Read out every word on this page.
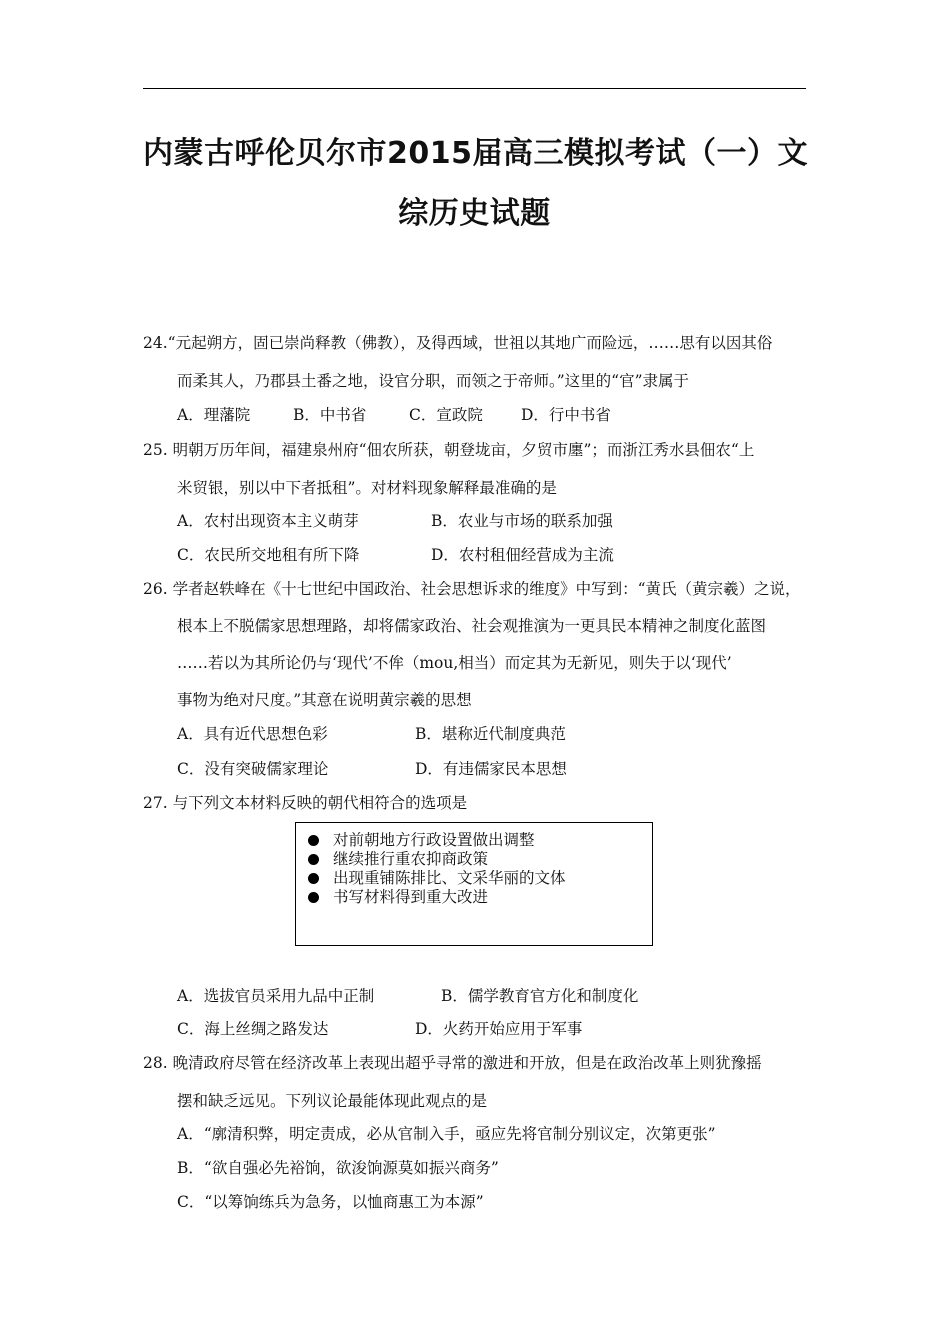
内蒙古呼伦贝尔市2015届高三模拟考试（一）文
综历史试题
24.“元起朔方，固已崇尚释教（佛教），及得西域，世祖以其地广而险远，……思有以因其俗
而柔其人，乃郡县土番之地，设官分职，而领之于帝师。”这里的“官”隶属于
A．理藩院	B．中书省	C．宣政院 D．行中书省
25. 明朝万历年间，福建泉州府“佃农所获，朝登垅亩，夕贸市廛”；而浙江秀水县佃农“上
米贸银，别以中下者抵租”。对材料现象解释最准确的是
A．农村出现资本主义萌芽	B．农业与市场的联系加强
C．农民所交地租有所下降	D．农村租佃经营成为主流
26. 学者赵轶峰在《十七世纪中国政治、社会思想诉求的维度》中写到：“黄氏（黄宗羲）之说，
根本上不脱儒家思想理路，却将儒家政治、社会观推演为一更具民本精神之制度化蓝图
……若以为其所论仍与‘现代’不侔（mou,相当）而定其为无新见，则失于以‘现代’
事物为绝对尺度。”其意在说明黄宗羲的思想
A．具有近代思想色彩	B．堪称近代制度典范
C．没有突破儒家理论	D．有违儒家民本思想
27. 与下列文本材料反映的朝代相符合的选项是
A．选拔官员采用九品中正制	B．儒学教育官方化和制度化
C．海上丝绸之路发达	D．火药开始应用于军事
对前朝地方行政设置做出调整
继续推行重农抑商政策
出现重铺陈排比、文采华丽的文体
书写材料得到重大改进
28. 晚清政府尽管在经济改革上表现出超乎寻常的激进和开放，但是在政治改革上则犹豫摇
摆和缺乏远见。下列议论最能体现此观点的是
A．“廓清积弊，明定责成，必从官制入手，亟应先将官制分别议定，次第更张”
B．“欲自强必先裕饷，欲浚饷源莫如振兴商务”
C．“以筹饷练兵为急务，以恤商惠工为本源”
